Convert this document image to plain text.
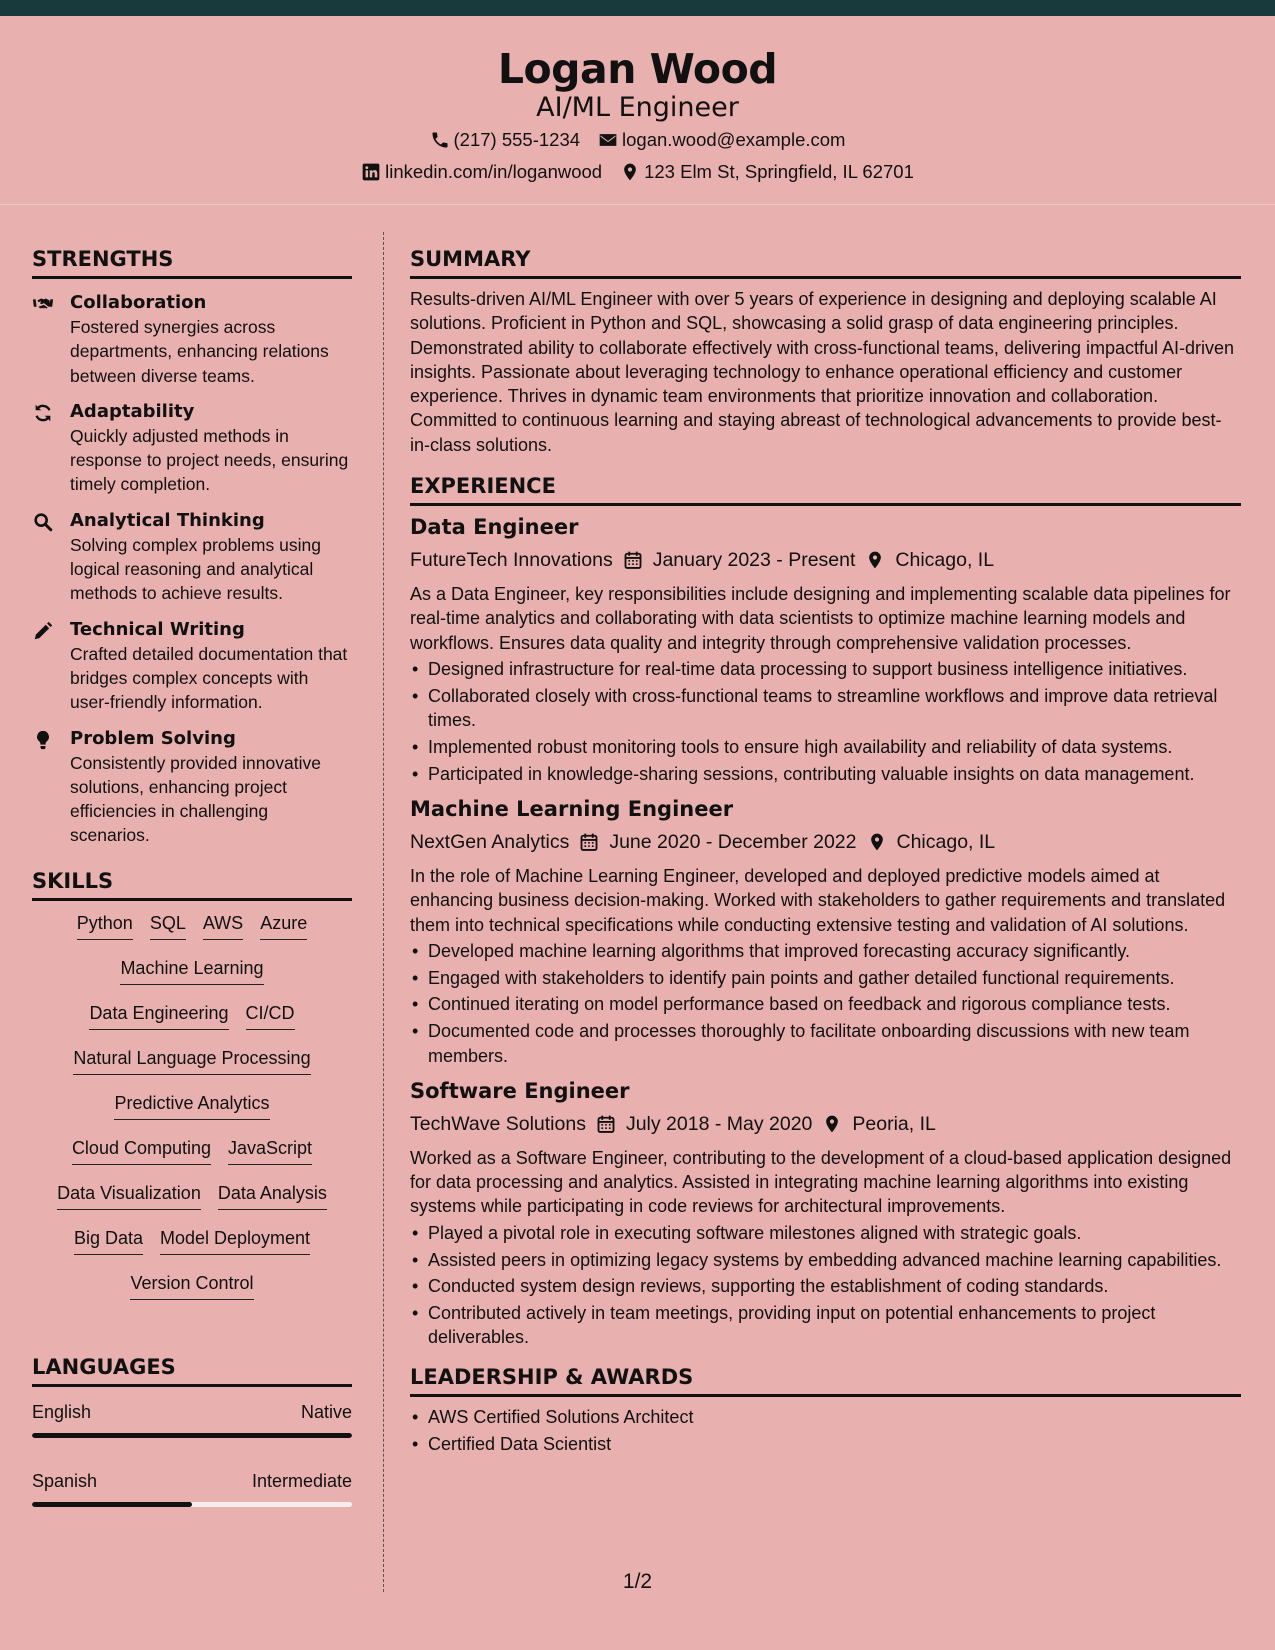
Logan Wood
AI/ML Engineer
(217) 555-1234 logan.wood@example.com
linkedin.com/in/loganwood 123 Elm St, Springfield, IL 62701
STRENGTHS
Collaboration
Fostered synergies across departments, enhancing relations between diverse teams.
Adaptability
Quickly adjusted methods in response to project needs, ensuring timely completion.
Analytical Thinking
Solving complex problems using logical reasoning and analytical methods to achieve results.
Technical Writing
Crafted detailed documentation that bridges complex concepts with user-friendly information.
Problem Solving
Consistently provided innovative solutions, enhancing project efficiencies in challenging scenarios.
SKILLS
Python SQL AWS Azure
Machine Learning
Data Engineering CI/CD
Natural Language Processing
Predictive Analytics
Cloud Computing JavaScript
Data Visualization Data Analysis
Big Data Model Deployment
Version Control
LANGUAGES
English	Native
Spanish	Intermediate
SUMMARY
Results-driven AI/ML Engineer with over 5 years of experience in designing and deploying scalable AI solutions. Proficient in Python and SQL, showcasing a solid grasp of data engineering principles. Demonstrated ability to collaborate effectively with cross-functional teams, delivering impactful AI-driven insights. Passionate about leveraging technology to enhance operational efficiency and customer experience. Thrives in dynamic team environments that prioritize innovation and collaboration. Committed to continuous learning and staying abreast of technological advancements to provide best-in-class solutions.
EXPERIENCE
Data Engineer
FutureTech Innovations January 2023 - Present Chicago, IL
As a Data Engineer, key responsibilities include designing and implementing scalable data pipelines for real-time analytics and collaborating with data scientists to optimize machine learning models and workflows. Ensures data quality and integrity through comprehensive validation processes.
• Designed infrastructure for real-time data processing to support business intelligence initiatives.
• Collaborated closely with cross-functional teams to streamline workflows and improve data retrieval times.
• Implemented robust monitoring tools to ensure high availability and reliability of data systems.
• Participated in knowledge-sharing sessions, contributing valuable insights on data management.
Machine Learning Engineer
NextGen Analytics June 2020 - December 2022 Chicago, IL
In the role of Machine Learning Engineer, developed and deployed predictive models aimed at enhancing business decision-making. Worked with stakeholders to gather requirements and translated them into technical specifications while conducting extensive testing and validation of AI solutions.
• Developed machine learning algorithms that improved forecasting accuracy significantly.
• Engaged with stakeholders to identify pain points and gather detailed functional requirements.
• Continued iterating on model performance based on feedback and rigorous compliance tests.
• Documented code and processes thoroughly to facilitate onboarding discussions with new team members.
Software Engineer
TechWave Solutions July 2018 - May 2020 Peoria, IL
Worked as a Software Engineer, contributing to the development of a cloud-based application designed for data processing and analytics. Assisted in integrating machine learning algorithms into existing systems while participating in code reviews for architectural improvements.
• Played a pivotal role in executing software milestones aligned with strategic goals.
• Assisted peers in optimizing legacy systems by embedding advanced machine learning capabilities.
• Conducted system design reviews, supporting the establishment of coding standards.
• Contributed actively in team meetings, providing input on potential enhancements to project deliverables.
LEADERSHIP & AWARDS
• AWS Certified Solutions Architect
• Certified Data Scientist
1/2
